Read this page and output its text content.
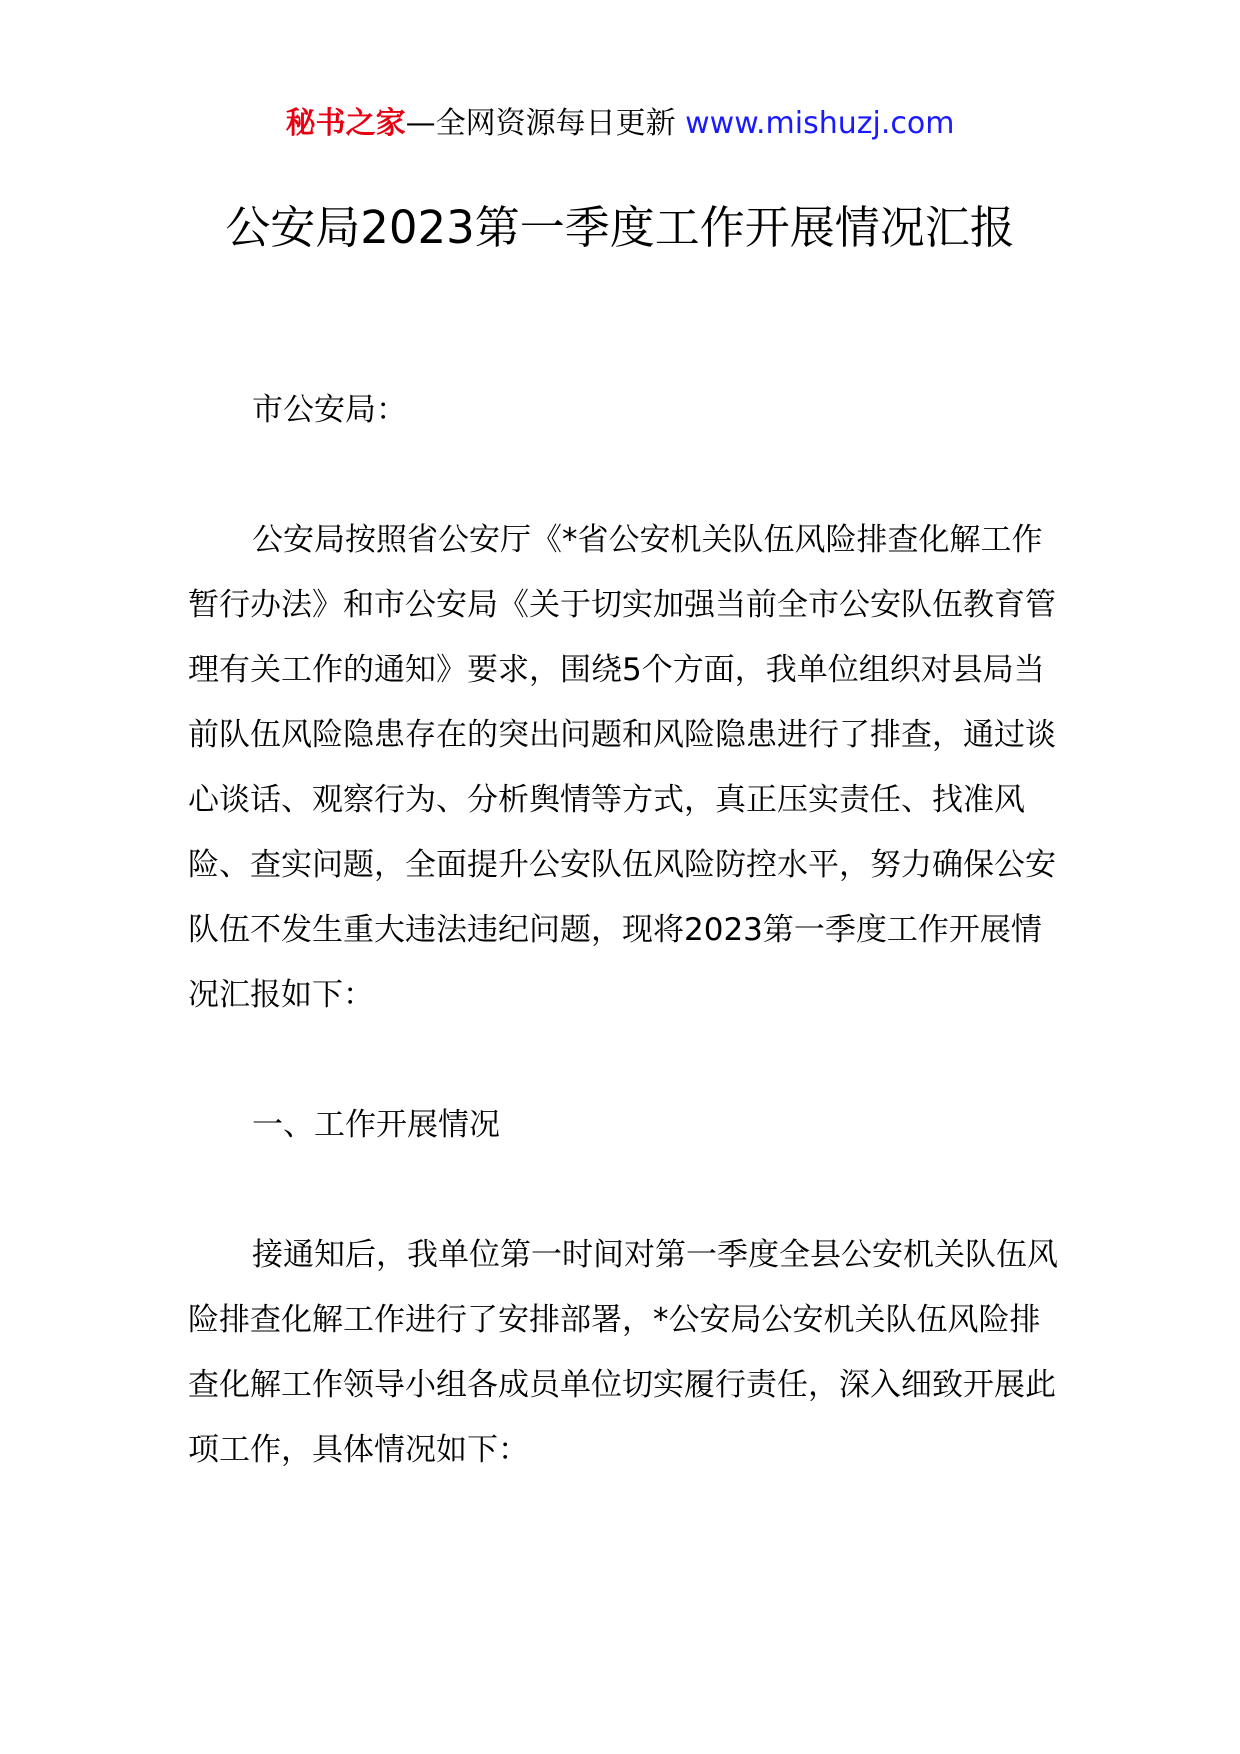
秘书之家—全网资源每日更新 www.mishuzj.com
公安局2023第一季度工作开展情况汇报

市公安局：

公安局按照省公安厅《*省公安机关队伍风险排查化解工作暂行办法》和市公安局《关于切实加强当前全市公安队伍教育管理有关工作的通知》要求，围绕5个方面，我单位组织对县局当前队伍风险隐患存在的突出问题和风险隐患进行了排查，通过谈心谈话、观察行为、分析舆情等方式，真正压实责任、找准风险、查实问题，全面提升公安队伍风险防控水平，努力确保公安队伍不发生重大违法违纪问题，现将2023第一季度工作开展情况汇报如下：

一、工作开展情况

接通知后，我单位第一时间对第一季度全县公安机关队伍风险排查化解工作进行了安排部署，*公安局公安机关队伍风险排查化解工作领导小组各成员单位切实履行责任，深入细致开展此项工作，具体情况如下：
